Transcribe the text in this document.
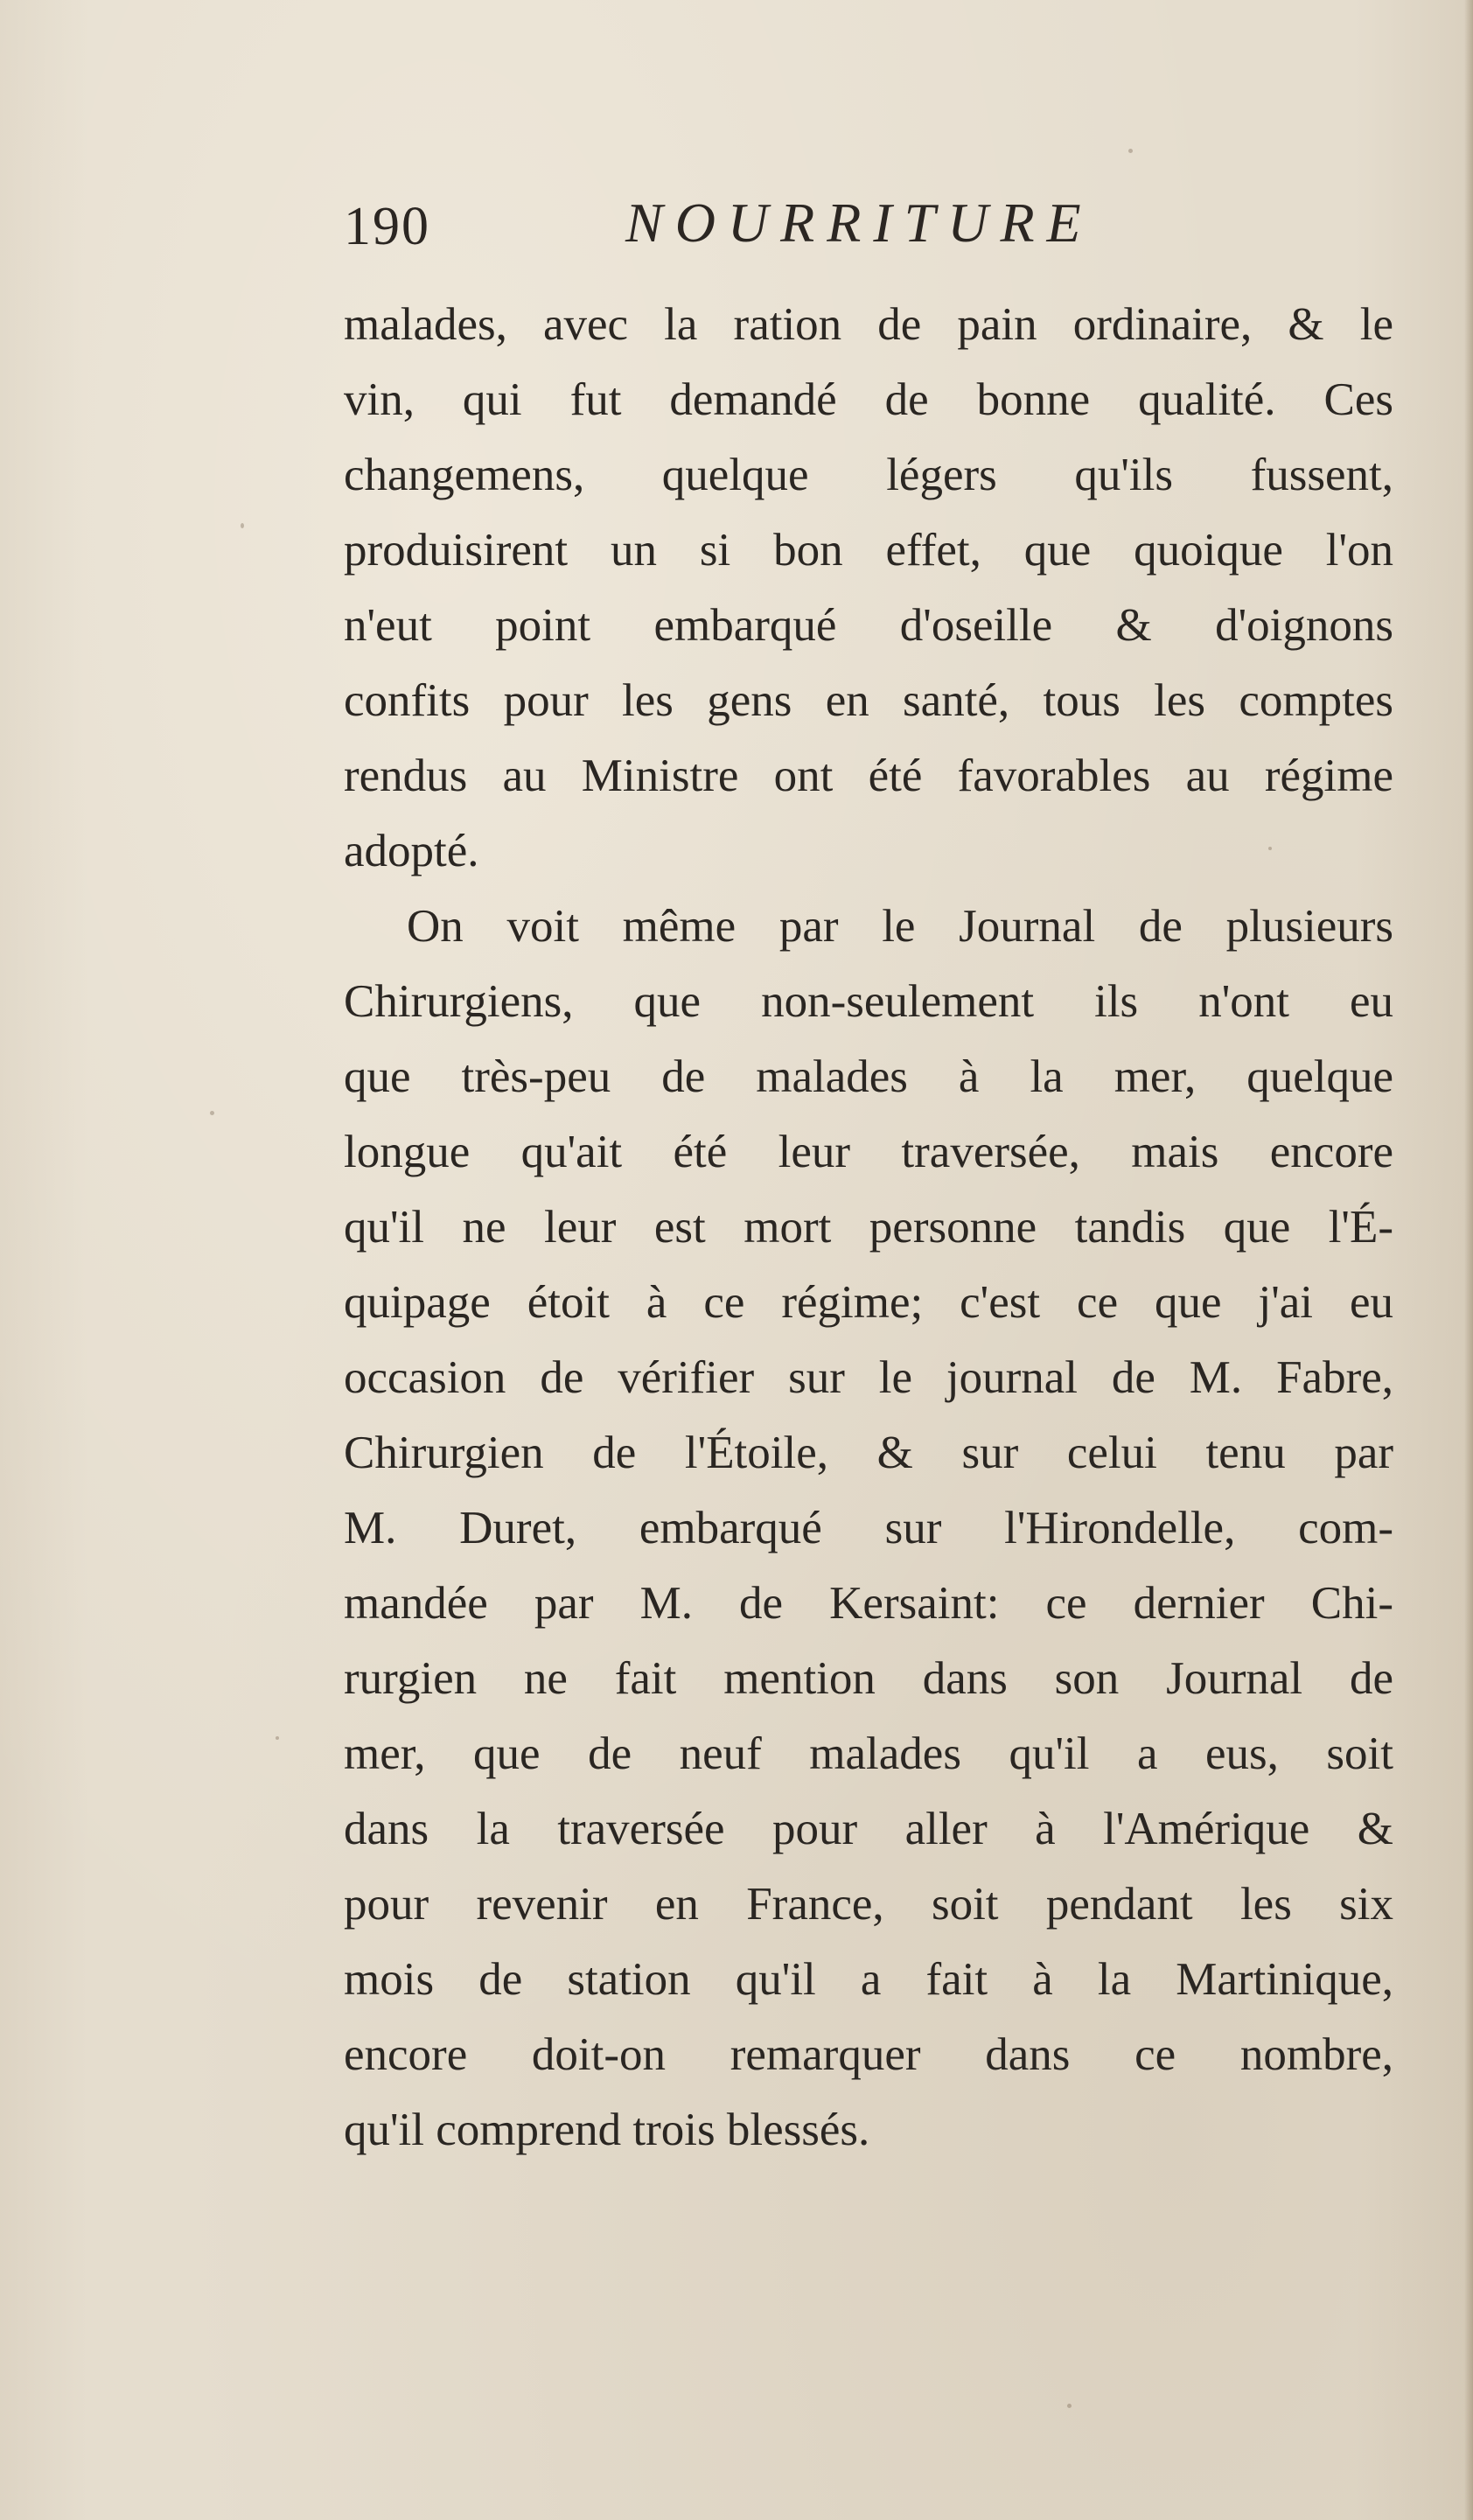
190	NOURRITURE
malades, avec la ration de pain ordinaire, & le
vin, qui fut demandé de bonne qualité. Ces
changemens, quelque légers qu'ils fussent,
produisirent un si bon effet, que quoique l'on
n'eut point embarqué d'oseille & d'oignons
confits pour les gens en santé, tous les comptes
rendus au Ministre ont été favorables au régime
adopté.
On voit même par le Journal de plusieurs
Chirurgiens, que non-seulement ils n'ont eu
que très-peu de malades à la mer, quelque
longue qu'ait été leur traversée, mais encore
qu'il ne leur est mort personne tandis que l'É-
quipage étoit à ce régime; c'est ce que j'ai eu
occasion de vérifier sur le journal de M. Fabre,
Chirurgien de l'Étoile, & sur celui tenu par
M. Duret, embarqué sur l'Hirondelle, com-
mandée par M. de Kersaint: ce dernier Chi-
rurgien ne fait mention dans son Journal de
mer, que de neuf malades qu'il a eus, soit
dans la traversée pour aller à l'Amérique &
pour revenir en France, soit pendant les six
mois de station qu'il a fait à la Martinique,
encore doit-on remarquer dans ce nombre,
qu'il comprend trois blessés.
